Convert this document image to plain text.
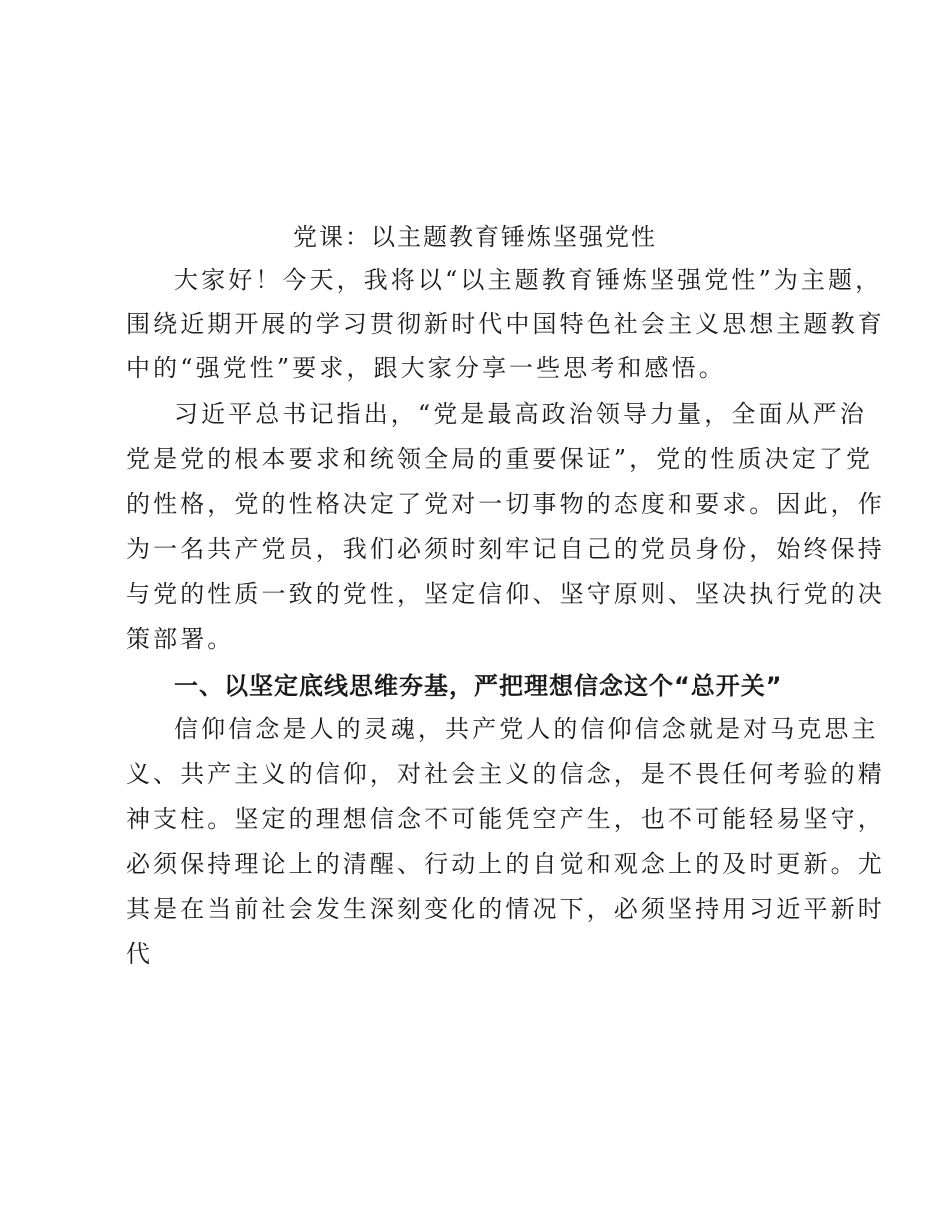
党课：以主题教育锤炼坚强党性
大家好！今天，我将以“以主题教育锤炼坚强党性”为主题，
围绕近期开展的学习贯彻新时代中国特色社会主义思想主题教育
中的“强党性”要求，跟大家分享一些思考和感悟。
习近平总书记指出，“党是最高政治领导力量，全面从严治
党是党的根本要求和统领全局的重要保证”，党的性质决定了党
的性格，党的性格决定了党对一切事物的态度和要求。因此，作
为一名共产党员，我们必须时刻牢记自己的党员身份，始终保持
与党的性质一致的党性，坚定信仰、坚守原则、坚决执行党的决
策部署。
一、以坚定底线思维夯基，严把理想信念这个“总开关”
信仰信念是人的灵魂，共产党人的信仰信念就是对马克思主
义、共产主义的信仰，对社会主义的信念，是不畏任何考验的精
神支柱。坚定的理想信念不可能凭空产生，也不可能轻易坚守，
必须保持理论上的清醒、行动上的自觉和观念上的及时更新。尤
其是在当前社会发生深刻变化的情况下，必须坚持用习近平新时
代
